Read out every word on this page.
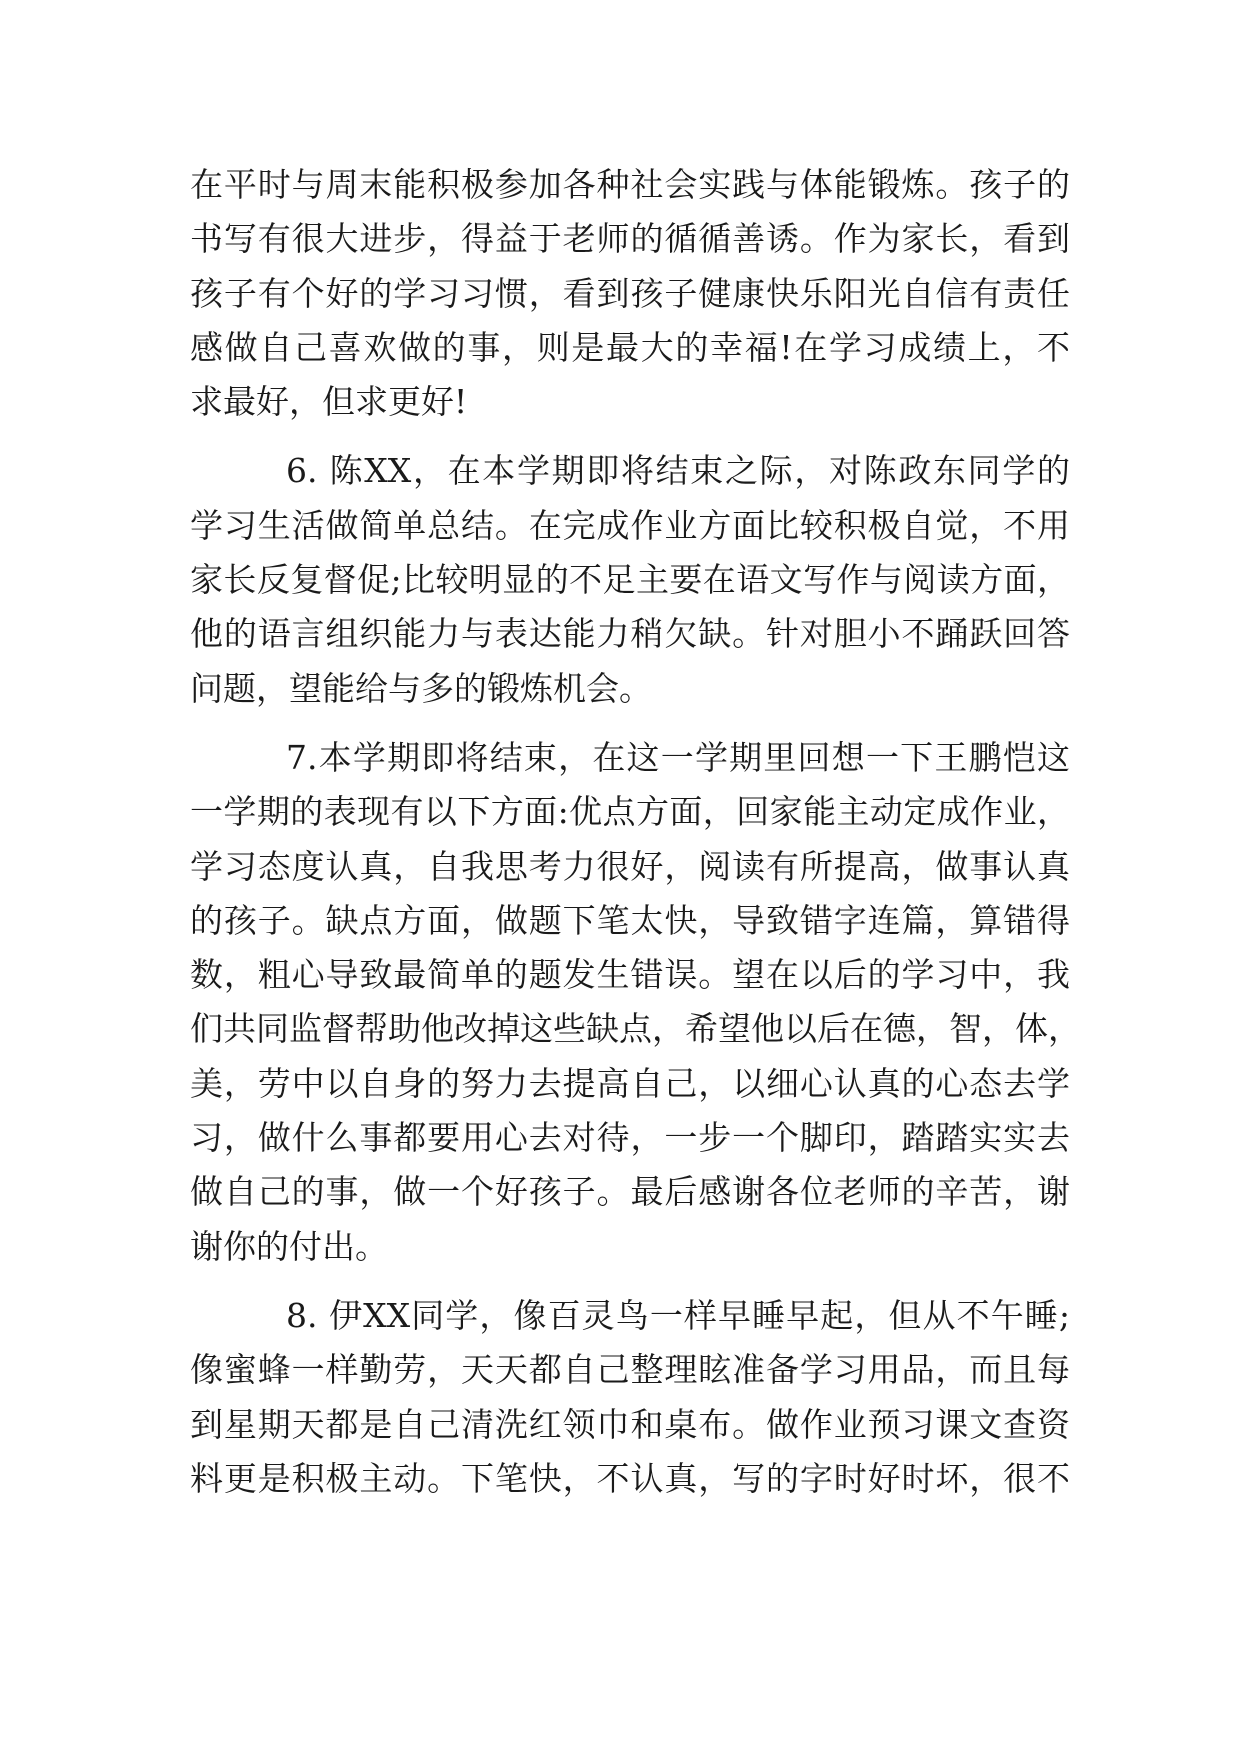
在平时与周末能积极参加各种社会实践与体能锻炼。孩子的
书写有很大进步，得益于老师的循循善诱。作为家长，看到
孩子有个好的学习习惯，看到孩子健康快乐阳光自信有责任
感做自己喜欢做的事，则是最大的幸福!在学习成绩上，不
求最好，但求更好!
6. 陈XX，在本学期即将结束之际，对陈政东同学的
学习生活做简单总结。在完成作业方面比较积极自觉，不用
家长反复督促;比较明显的不足主要在语文写作与阅读方面，
他的语言组织能力与表达能力稍欠缺。针对胆小不踊跃回答
问题，望能给与多的锻炼机会。
7.本学期即将结束，在这一学期里回想一下王鹏恺这
一学期的表现有以下方面:优点方面，回家能主动定成作业，
学习态度认真，自我思考力很好，阅读有所提高，做事认真
的孩子。缺点方面，做题下笔太快，导致错字连篇，算错得
数，粗心导致最简单的题发生错误。望在以后的学习中，我
们共同监督帮助他改掉这些缺点，希望他以后在德，智，体，
美，劳中以自身的努力去提高自己，以细心认真的心态去学
习，做什么事都要用心去对待，一步一个脚印，踏踏实实去
做自己的事，做一个好孩子。最后感谢各位老师的辛苦，谢
谢你的付出。
8. 伊XX同学，像百灵鸟一样早睡早起，但从不午睡;
像蜜蜂一样勤劳，天天都自己整理眩准备学习用品，而且每
到星期天都是自己清洗红领巾和桌布。做作业预习课文查资
料更是积极主动。下笔快，不认真，写的字时好时坏，很不
